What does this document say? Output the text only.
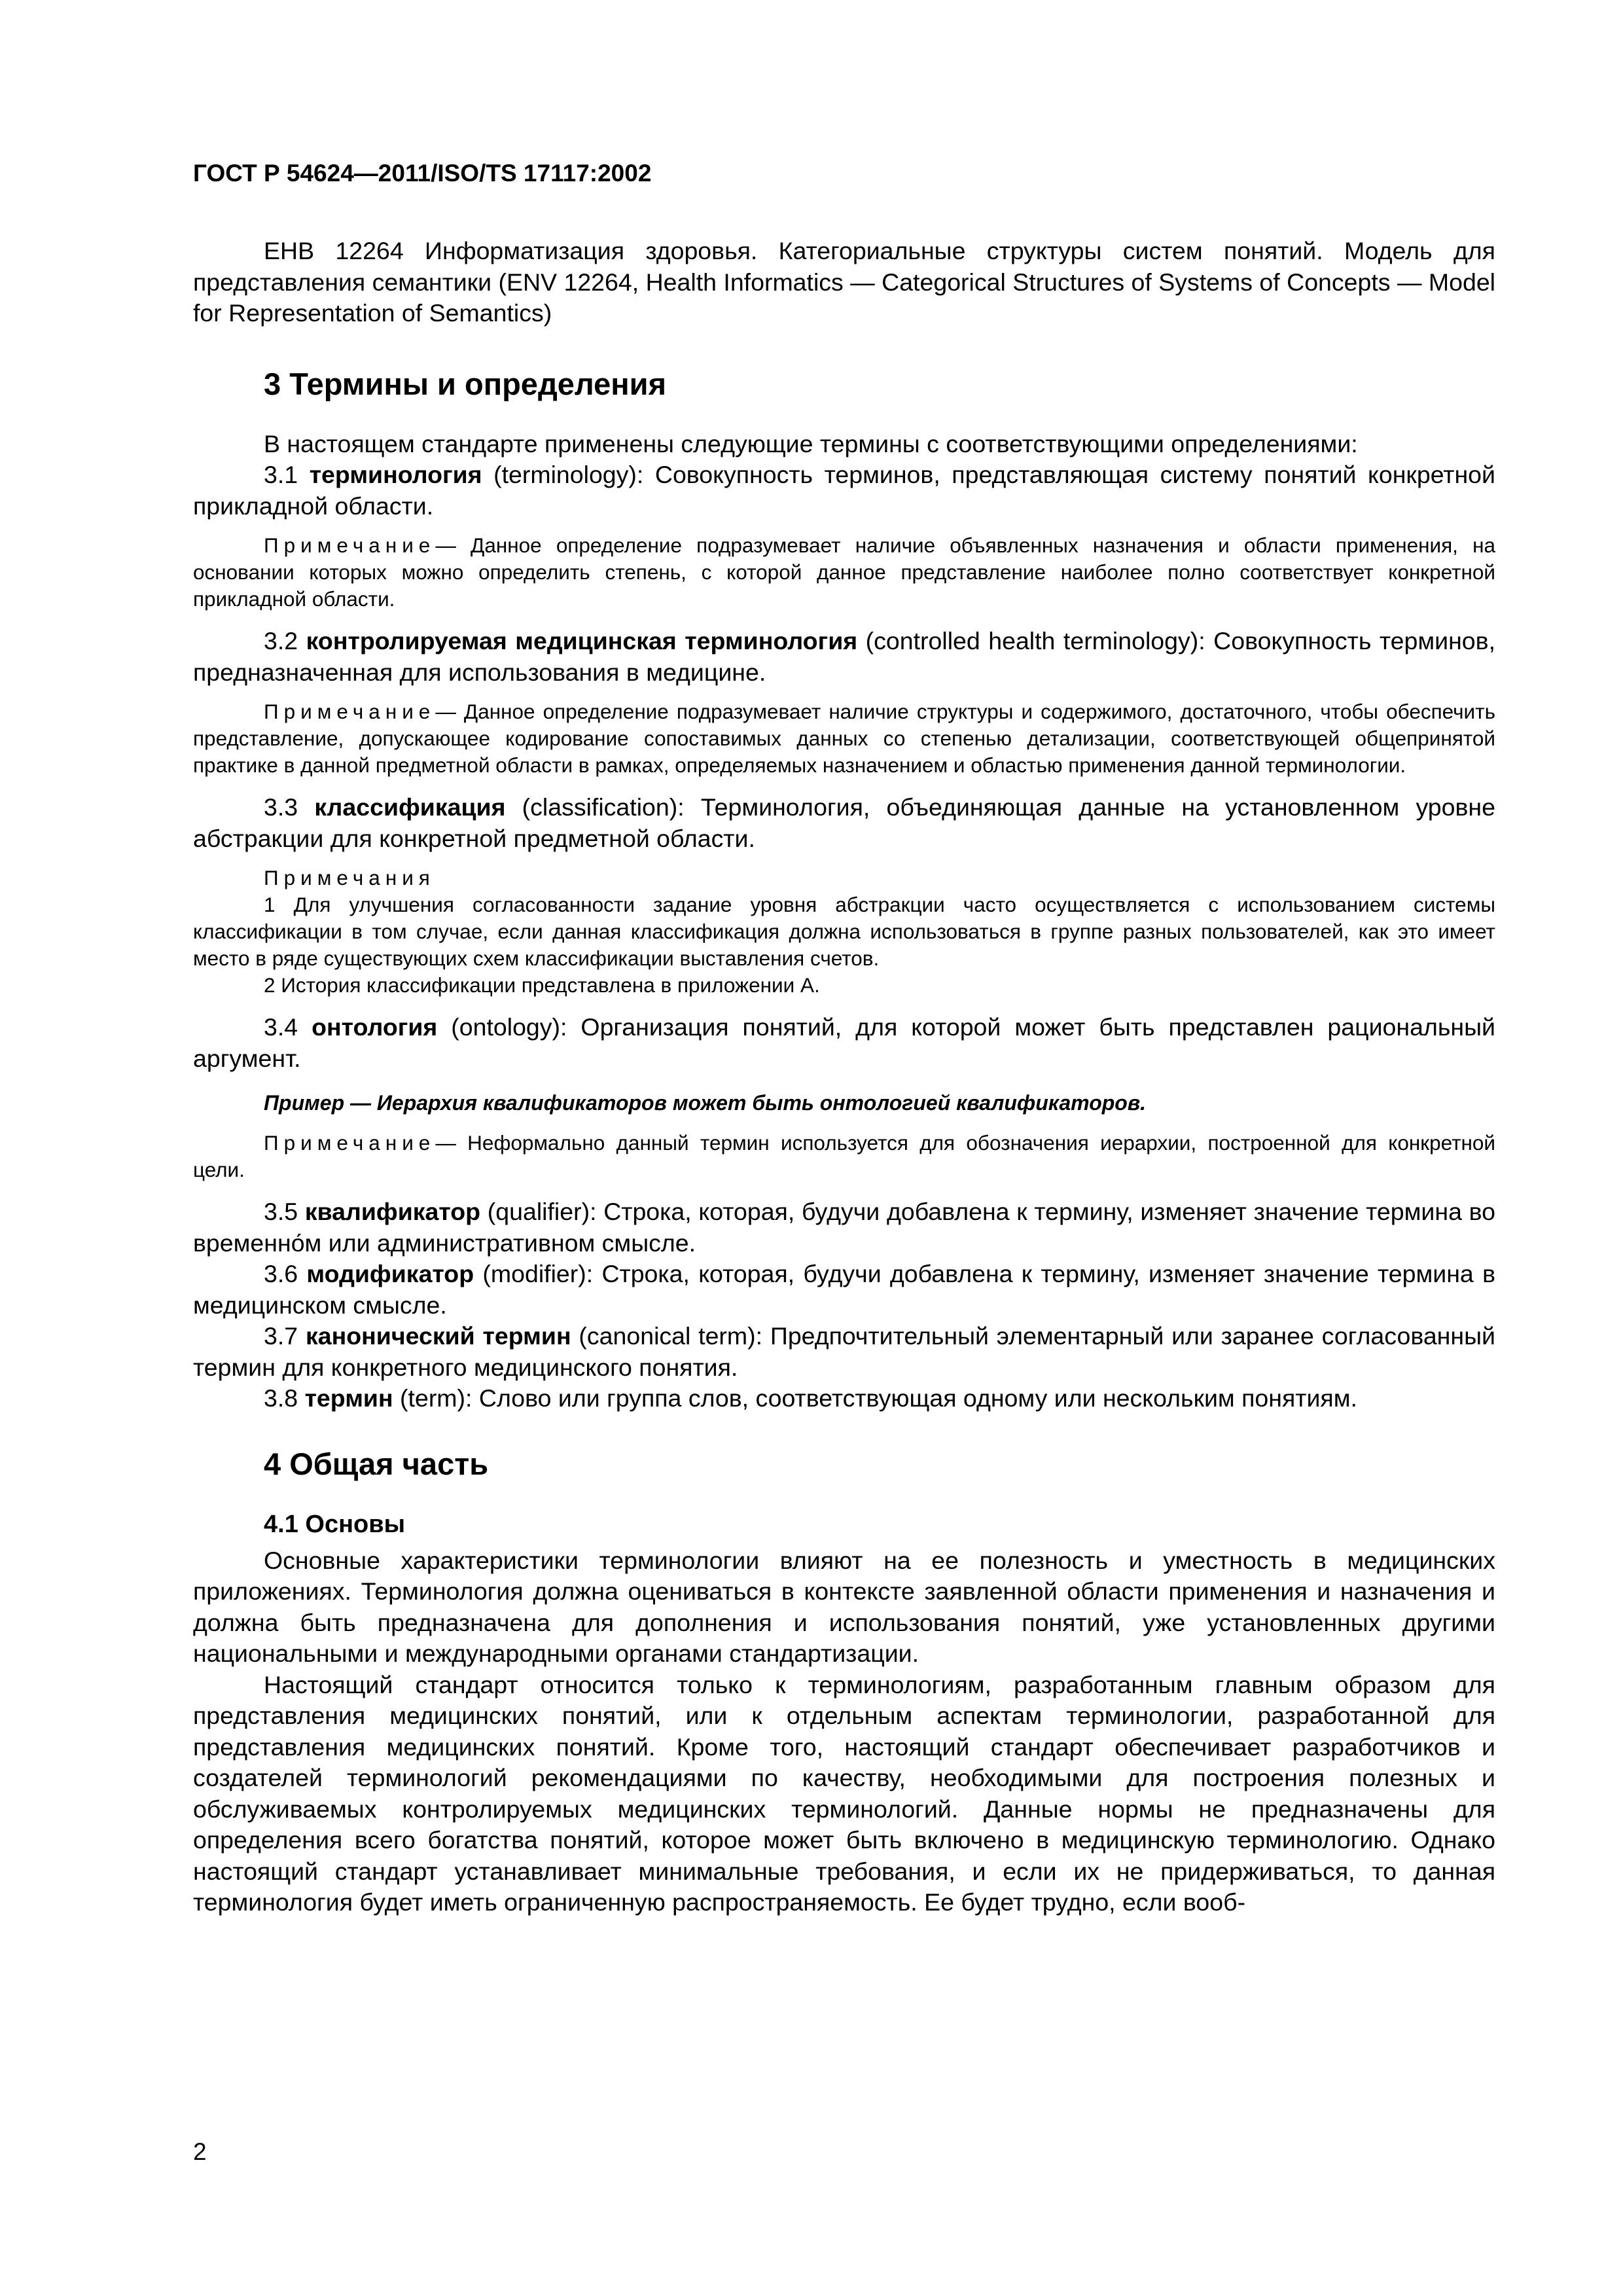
ГОСТ Р 54624—2011/ISO/TS 17117:2002

ЕНВ 12264 Информатизация здоровья. Категориальные структуры систем понятий. Модель для представления семантики (ENV 12264, Health Informatics — Categorical Structures of Systems of Concepts — Model for Representation of Semantics)

3 Термины и определения

В настоящем стандарте применены следующие термины с соответствующими определениями:

3.1 терминология (terminology): Совокупность терминов, представляющая систему понятий конкретной прикладной области.

Примечание— Данное определение подразумевает наличие объявленных назначения и области применения, на основании которых можно определить степень, с которой данное представление наиболее полно соответствует конкретной прикладной области.

3.2 контролируемая медицинская терминология (controlled health terminology): Совокупность терминов, предназначенная для использования в медицине.

Примечание— Данное определение подразумевает наличие структуры и содержимого, достаточного, чтобы обеспечить представление, допускающее кодирование сопоставимых данных со степенью детализации, соответствующей общепринятой практике в данной предметной области в рамках, определяемых назначением и областью применения данной терминологии.

3.3 классификация (classification): Терминология, объединяющая данные на установленном уровне абстракции для конкретной предметной области.

Примечания

1 Для улучшения согласованности задание уровня абстракции часто осуществляется с использованием системы классификации в том случае, если данная классификация должна использоваться в группе разных пользователей, как это имеет место в ряде существующих схем классификации выставления счетов.

2 История классификации представлена в приложении А.

3.4 онтология (ontology): Организация понятий, для которой может быть представлен рациональный аргумент.

Пример — Иерархия квалификаторов может быть онтологией квалификаторов.

Примечание— Неформально данный термин используется для обозначения иерархии, построенной для конкретной цели.

3.5 квалификатор (qualifier): Строка, которая, будучи добавлена к термину, изменяет значение термина во временно́м или административном смысле.

3.6 модификатор (modifier): Строка, которая, будучи добавлена к термину, изменяет значение термина в медицинском смысле.

3.7 канонический термин (canonical term): Предпочтительный элементарный или заранее согласованный термин для конкретного медицинского понятия.

3.8 термин (term): Слово или группа слов, соответствующая одному или нескольким понятиям.

4 Общая часть
4.1 Основы

Основные характеристики терминологии влияют на ее полезность и уместность в медицинских приложениях. Терминология должна оцениваться в контексте заявленной области применения и назначения и должна быть предназначена для дополнения и использования понятий, уже установленных другими национальными и международными органами стандартизации.

Настоящий стандарт относится только к терминологиям, разработанным главным образом для представления медицинских понятий, или к отдельным аспектам терминологии, разработанной для представления медицинских понятий. Кроме того, настоящий стандарт обеспечивает разработчиков и создателей терминологий рекомендациями по качеству, необходимыми для построения полезных и обслуживаемых контролируемых медицинских терминологий. Данные нормы не предназначены для определения всего богатства понятий, которое может быть включено в медицинскую терминологию. Однако настоящий стандарт устанавливает минимальные требования, и если их не придерживаться, то данная терминология будет иметь ограниченную распространяемость. Ее будет трудно, если вооб-

2
